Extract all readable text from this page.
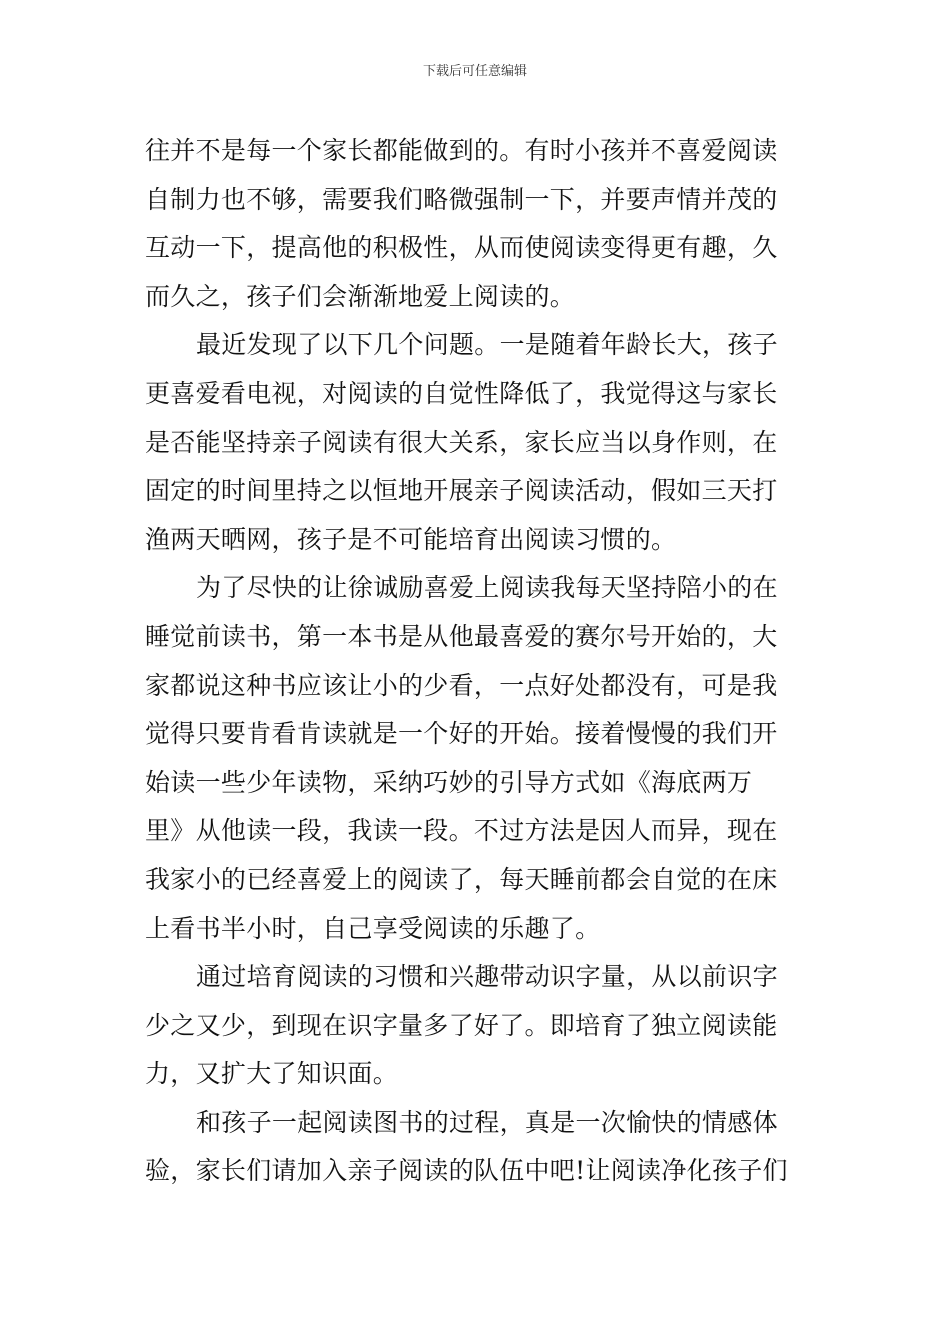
下载后可任意编辑
往并不是每一个家长都能做到的。有时小孩并不喜爱阅读
自制力也不够，需要我们略微强制一下，并要声情并茂的
互动一下，提高他的积极性，从而使阅读变得更有趣，久
而久之，孩子们会渐渐地爱上阅读的。
最近发现了以下几个问题。一是随着年龄长大，孩子
更喜爱看电视，对阅读的自觉性降低了，我觉得这与家长
是否能坚持亲子阅读有很大关系，家长应当以身作则，在
固定的时间里持之以恒地开展亲子阅读活动，假如三天打
渔两天晒网，孩子是不可能培育出阅读习惯的。
为了尽快的让徐诚励喜爱上阅读我每天坚持陪小的在
睡觉前读书，第一本书是从他最喜爱的赛尔号开始的，大
家都说这种书应该让小的少看，一点好处都没有，可是我
觉得只要肯看肯读就是一个好的开始。接着慢慢的我们开
始读一些少年读物，采纳巧妙的引导方式如《海底两万
里》从他读一段，我读一段。不过方法是因人而异，现在
我家小的已经喜爱上的阅读了，每天睡前都会自觉的在床
上看书半小时，自己享受阅读的乐趣了。
通过培育阅读的习惯和兴趣带动识字量，从以前识字
少之又少，到现在识字量多了好了。即培育了独立阅读能
力，又扩大了知识面。
和孩子一起阅读图书的过程，真是一次愉快的情感体
验，家长们请加入亲子阅读的队伍中吧!让阅读净化孩子们
